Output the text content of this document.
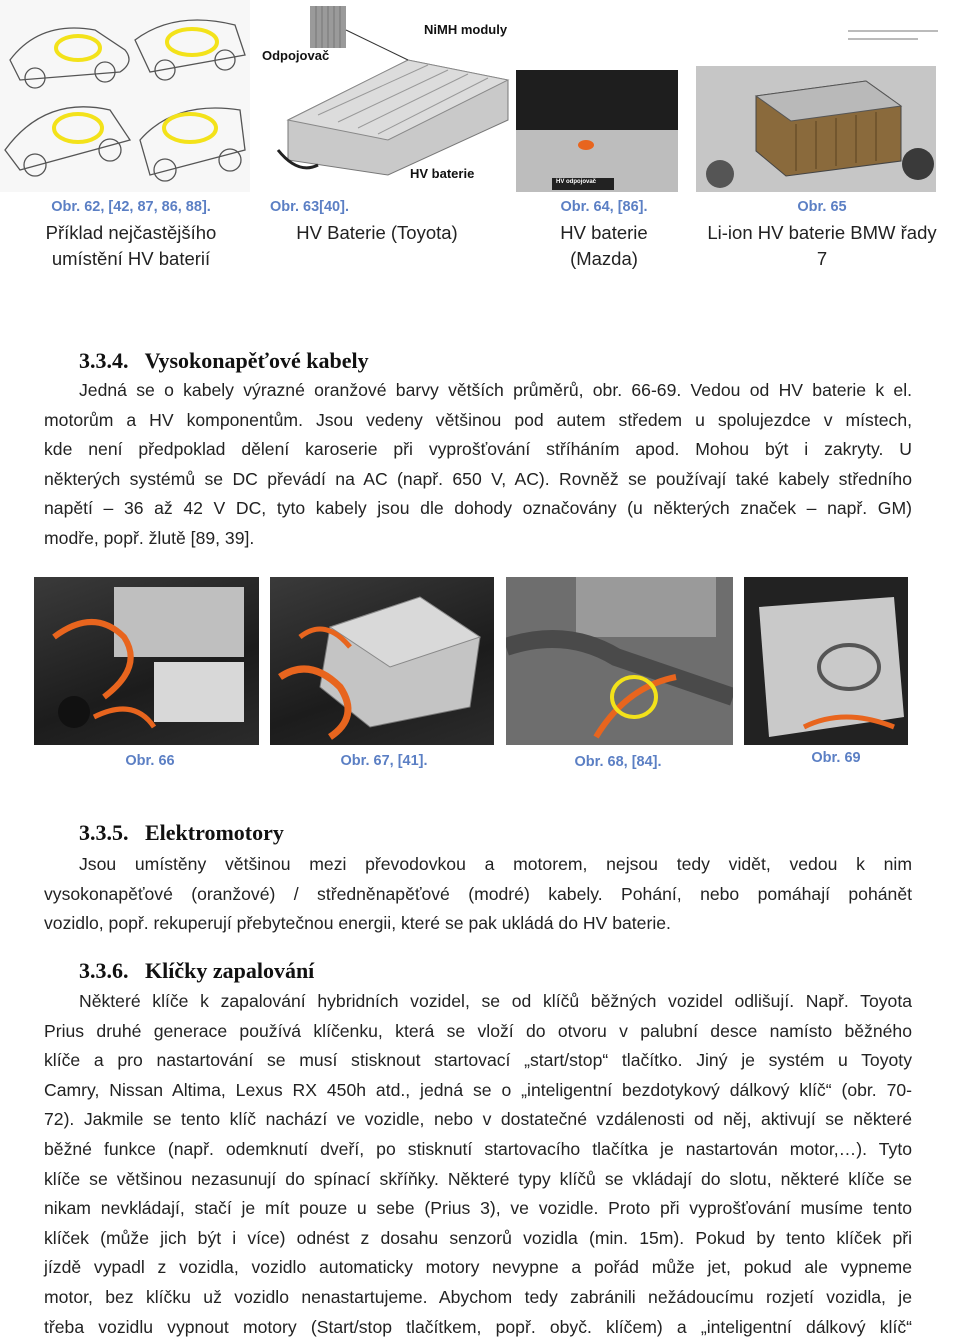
NiMH moduly
Odpojovač
HV baterie
HV odpojovač
Obr. 62, [42, 87, 86, 88].
Příklad nejčastějšího
umístění HV baterií
Obr. 63[40].
HV Baterie (Toyota)
Obr. 64, [86].
HV baterie
(Mazda)
Obr. 65
Li-ion HV baterie BMW řady
7
3.3.4. Vysokonapěťové kabely
Jedná se o kabely výrazné oranžové barvy větších průměrů, obr. 66-69. Vedou od HV baterie k el.
motorům a HV komponentům. Jsou vedeny většinou pod autem středem u spolujezdce v místech,
kde není předpoklad dělení karoserie při vyprošťování stříháním apod. Mohou být i zakryty. U
některých systémů se DC převádí na AC (např. 650 V, AC). Rovněž se používají také kabely středního
napětí – 36 až 42 V DC, tyto kabely jsou dle dohody označovány (u některých značek – např. GM)
modře, popř. žlutě [89, 39].
Obr. 66	Obr. 67, [41].	Obr. 68, [84].	Obr. 69
3.3.5. Elektromotory
Jsou umístěny většinou mezi převodovkou a motorem, nejsou tedy vidět, vedou k nim
vysokonapěťové (oranžové) / středněnapěťové (modré) kabely. Pohání, nebo pomáhají pohánět
vozidlo, popř. rekuperují přebytečnou energii, které se pak ukládá do HV baterie.
3.3.6. Klíčky zapalování
Některé klíče k zapalování hybridních vozidel, se od klíčů běžných vozidel odlišují. Např. Toyota
Prius druhé generace používá klíčenku, která se vloží do otvoru v palubní desce namísto běžného
klíče a pro nastartování se musí stisknout startovací „start/stop“ tlačítko. Jiný je systém u Toyoty
Camry, Nissan Altima, Lexus RX 450h atd., jedná se o „inteligentní bezdotykový dálkový klíč“ (obr. 70-
72). Jakmile se tento klíč nachází ve vozidle, nebo v dostatečné vzdálenosti od něj, aktivují se některé
běžné funkce (např. odemknutí dveří, po stisknutí startovacího tlačítka je nastartován motor,…). Tyto
klíče se většinou nezasunují do spínací skříňky. Některé typy klíčů se vkládají do slotu, některé klíče se
nikam nevkládají, stačí je mít pouze u sebe (Prius 3), ve vozidle. Proto při vyprošťování musíme tento
klíček (může jich být i více) odnést z dosahu senzorů vozidla (min. 15m). Pokud by tento klíček při
jízdě vypadl z vozidla, vozidlo automaticky motory nevypne a pořád může jet, pokud ale vypneme
motor, bez klíčku už vozidlo nenastartujeme. Abychom tedy zabránili nežádoucímu rozjetí vozidla, je
třeba vozidlu vypnout motory (Start/stop tlačítkem, popř. obyč. klíčem) a „inteligentní dálkový klíč“
